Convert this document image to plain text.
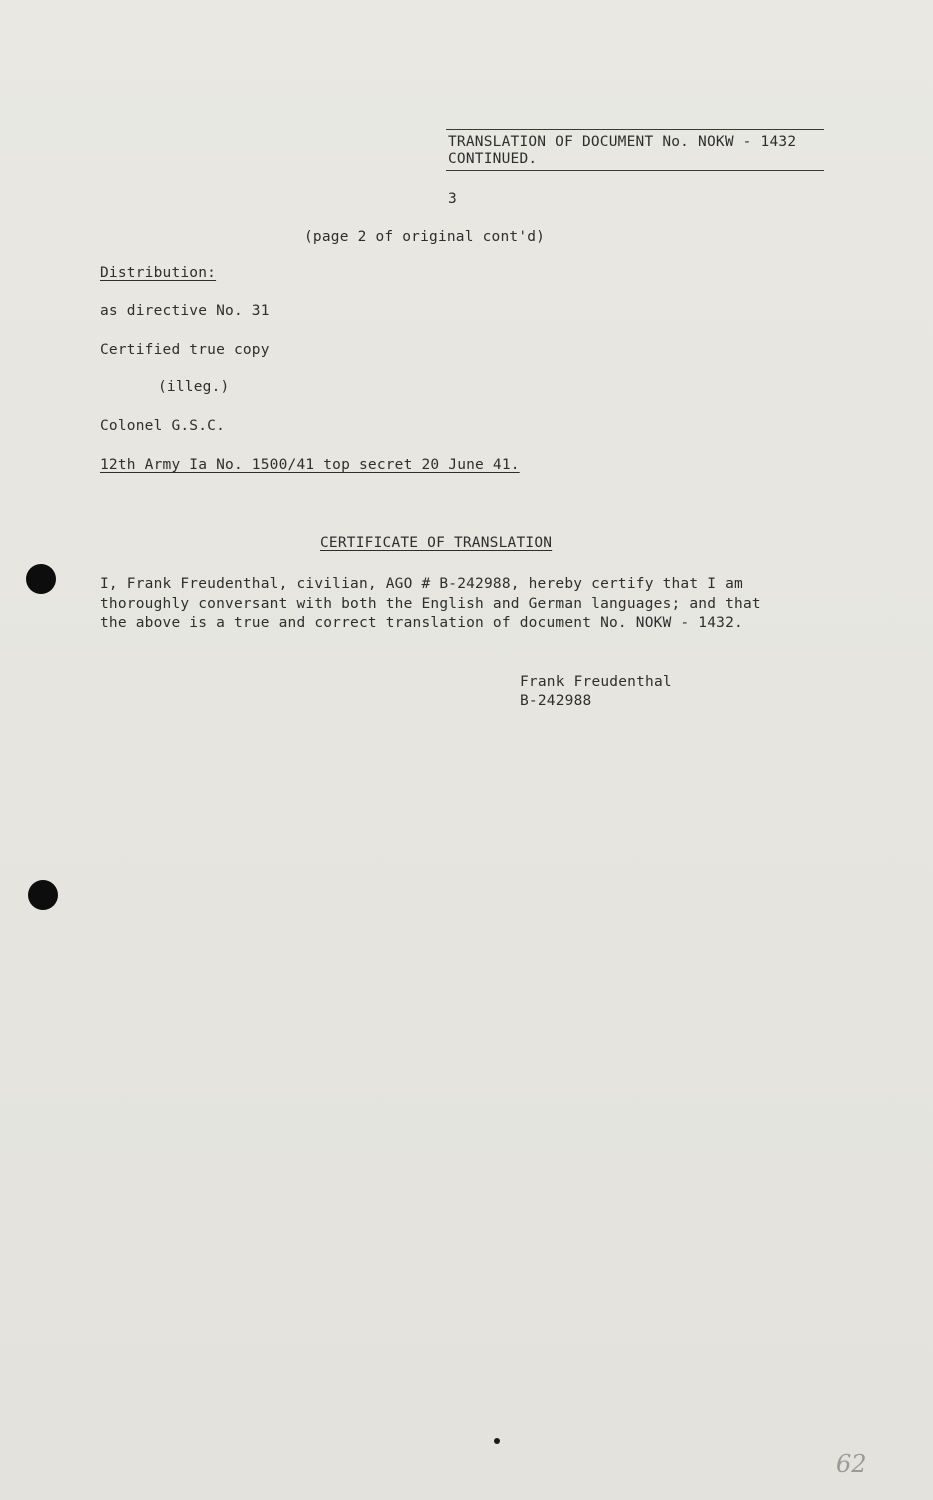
TRANSLATION OF DOCUMENT No. NOKW - 1432
CONTINUED.
3
(page 2 of original cont'd)
Distribution:
as directive No. 31
Certified true copy
(illeg.)
Colonel G.S.C.
12th Army Ia No. 1500/41 top secret 20 June 41.
CERTIFICATE OF TRANSLATION
I, Frank Freudenthal, civilian, AGO # B-242988, hereby certify that I am
thoroughly conversant with both the English and German languages; and that
the above is a true and correct translation of document No. NOKW - 1432.
Frank Freudenthal
B-242988
62
